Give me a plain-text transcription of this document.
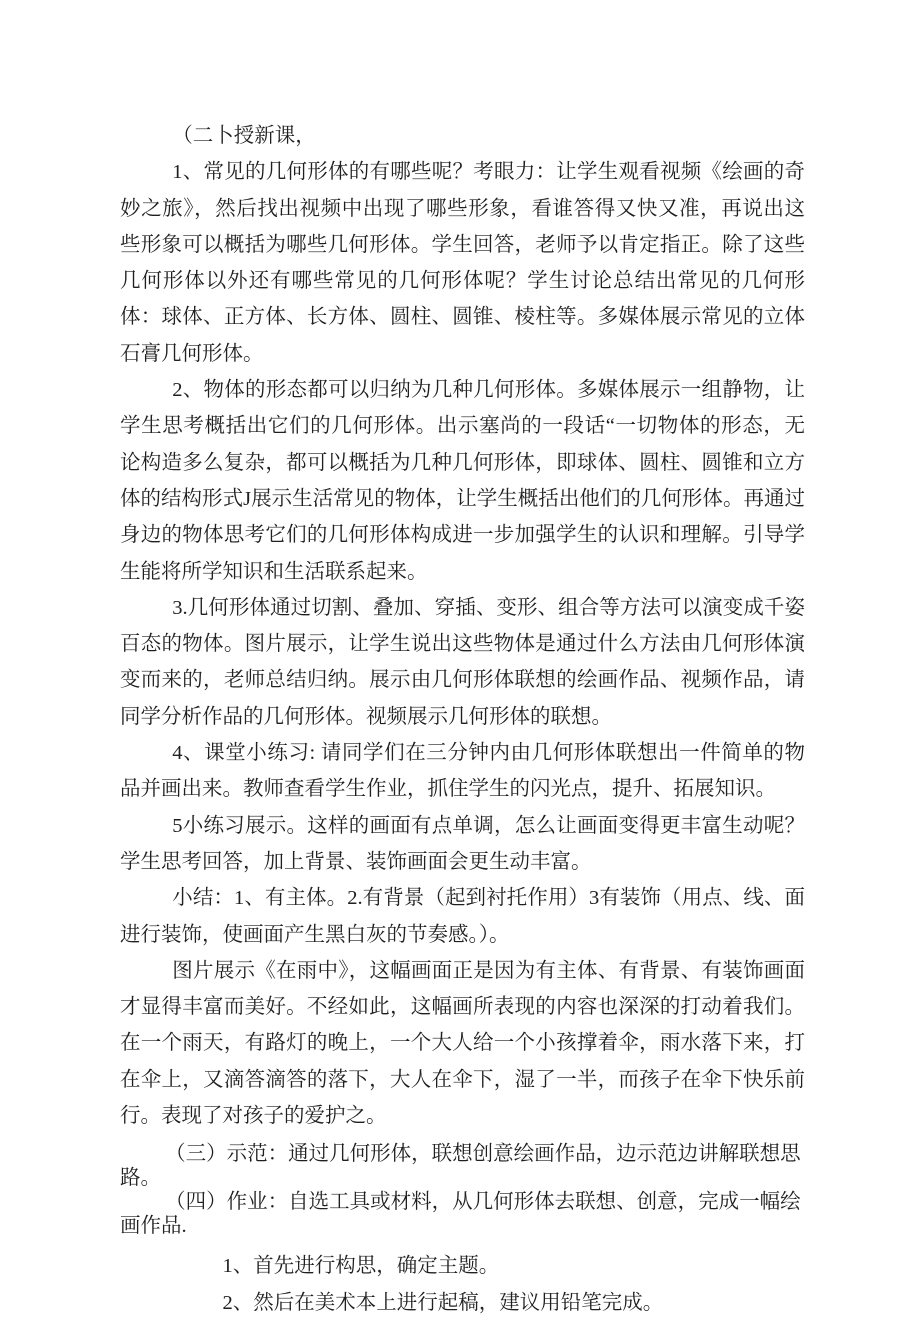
（二卜授新课，

1、常见的几何形体的有哪些呢？考眼力：让学生观看视频《绘画的奇妙之旅》，然后找出视频中出现了哪些形象，看谁答得又快又准，再说出这些形象可以概括为哪些几何形体。学生回答，老师予以肯定指正。除了这些几何形体以外还有哪些常见的几何形体呢？学生讨论总结出常见的几何形体：球体、正方体、长方体、圆柱、圆锥、棱柱等。多媒体展示常见的立体石膏几何形体。

2、物体的形态都可以归纳为几种几何形体。多媒体展示一组静物，让学生思考概括出它们的几何形体。出示塞尚的一段话“一切物体的形态，无论构造多么复杂，都可以概括为几种几何形体，即球体、圆柱、圆锥和立方体的结构形式J展示生活常见的物体，让学生概括出他们的几何形体。再通过身边的物体思考它们的几何形体构成进一步加强学生的认识和理解。引导学生能将所学知识和生活联系起来。

3.几何形体通过切割、叠加、穿插、变形、组合等方法可以演变成千姿百态的物体。图片展示，让学生说出这些物体是通过什么方法由几何形体演变而来的，老师总结归纳。展示由几何形体联想的绘画作品、视频作品，请同学分析作品的几何形体。视频展示几何形体的联想。

4、课堂小练习: 请同学们在三分钟内由几何形体联想出一件简单的物品并画出来。教师查看学生作业，抓住学生的闪光点，提升、拓展知识。

5小练习展示。这样的画面有点单调，怎么让画面变得更丰富生动呢？学生思考回答，加上背景、装饰画面会更生动丰富。

小结：1、有主体。2.有背景（起到衬托作用）3有装饰（用点、线、面进行装饰，使画面产生黑白灰的节奏感。）。

图片展示《在雨中》，这幅画面正是因为有主体、有背景、有装饰画面才显得丰富而美好。不经如此，这幅画所表现的内容也深深的打动着我们。在一个雨天，有路灯的晚上，一个大人给一个小孩撑着伞，雨水落下来，打在伞上，又滴答滴答的落下，大人在伞下，湿了一半，而孩子在伞下快乐前行。表现了对孩子的爱护之。

（三）示范：通过几何形体，联想创意绘画作品，边示范边讲解联想思路。

（四）作业：自选工具或材料，从几何形体去联想、创意，完成一幅绘画作品.

1、首先进行构思，确定主题。

2、然后在美术本上进行起稿，建议用铅笔完成。
